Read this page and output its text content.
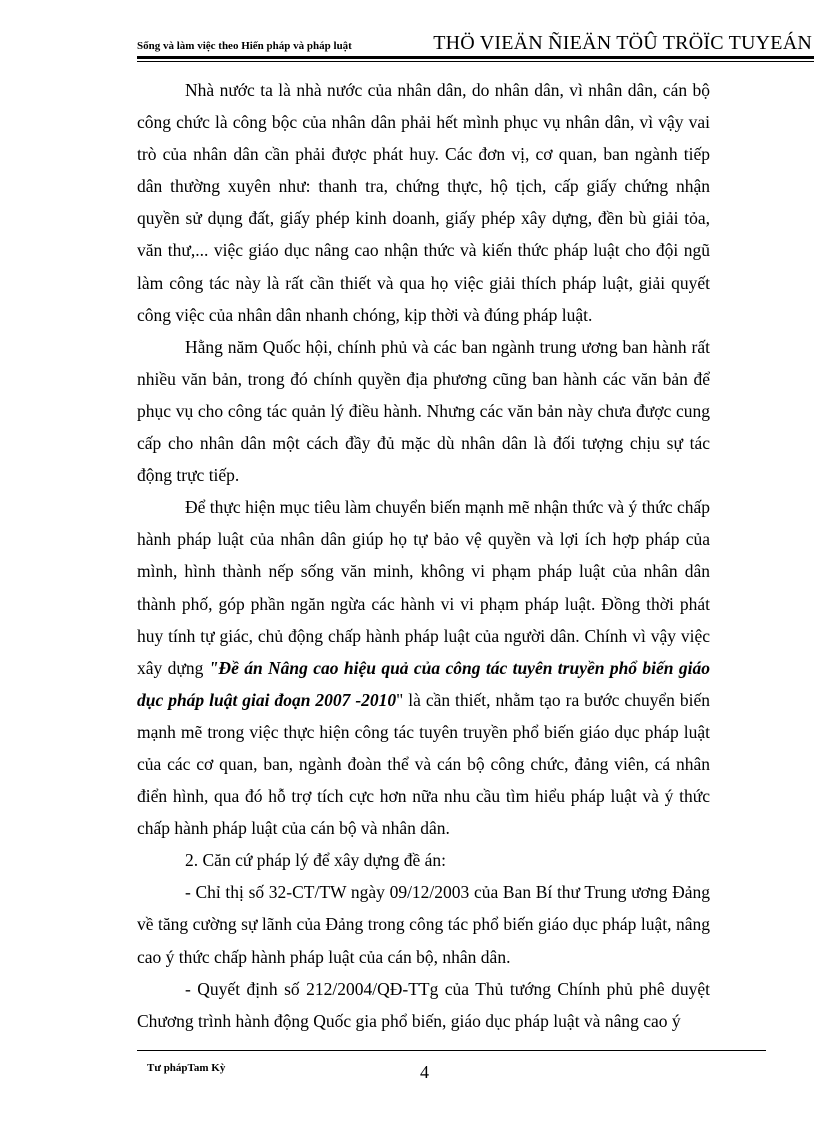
Sống và làm việc theo Hiến pháp và pháp luật	THÖ VIEÄN ÑIEÄN TÖÛ TRÖÏC TUYEÁN

Nhà nước ta là nhà nước của nhân dân, do nhân dân, vì nhân dân, cán bộ công chức là công bộc của nhân dân phải hết mình phục vụ nhân dân, vì vậy vai trò của nhân dân cần phải được phát huy. Các đơn vị, cơ quan, ban ngành tiếp dân thường xuyên như: thanh tra, chứng thực, hộ tịch, cấp giấy chứng nhận quyền sử dụng đất, giấy phép kinh doanh, giấy phép xây dựng, đền bù giải tỏa, văn thư,... việc giáo dục nâng cao nhận thức và kiến thức pháp luật cho đội ngũ làm công tác này là rất cần thiết và qua họ việc giải thích pháp luật, giải quyết công việc của nhân dân nhanh chóng, kịp thời và đúng pháp luật.

Hằng năm Quốc hội, chính phủ và các ban ngành trung ương ban hành rất nhiều văn bản, trong đó chính quyền địa phương cũng ban hành các văn bản để phục vụ cho công tác quản lý điều hành. Nhưng các văn bản này chưa được cung cấp cho nhân dân một cách đầy đủ mặc dù nhân dân là đối tượng chịu sự tác động trực tiếp.

Để thực hiện mục tiêu làm chuyển biến mạnh mẽ nhận thức và ý thức chấp hành pháp luật của nhân dân giúp họ tự bảo vệ quyền và lợi ích hợp pháp của mình, hình thành nếp sống văn minh, không vi phạm pháp luật của nhân dân thành phố, góp phần ngăn ngừa các hành vi vi phạm pháp luật. Đồng thời phát huy tính tự giác, chủ động chấp hành pháp luật của người dân. Chính vì vậy việc xây dựng "Đề án Nâng cao hiệu quả của công tác tuyên truyền phổ biến giáo dục pháp luật giai đoạn 2007 -2010" là cần thiết, nhằm tạo ra bước chuyển biến mạnh mẽ trong việc thực hiện công tác tuyên truyền phổ biến giáo dục pháp luật của các cơ quan, ban, ngành đoàn thể và cán bộ công chức, đảng viên, cá nhân điển hình, qua đó hỗ trợ tích cực hơn nữa nhu cầu tìm hiểu pháp luật và ý thức chấp hành pháp luật của cán bộ và nhân dân.

2. Căn cứ pháp lý để xây dựng đề án:

- Chỉ thị số 32-CT/TW ngày 09/12/2003 của Ban Bí thư Trung ương Đảng về tăng cường sự lãnh của Đảng trong công tác phổ biến giáo dục pháp luật, nâng cao ý thức chấp hành pháp luật của cán bộ, nhân dân.

- Quyết định số 212/2004/QĐ-TTg của Thủ tướng Chính phủ phê duyệt Chương trình hành động Quốc gia phổ biến, giáo dục pháp luật và nâng cao ý

Tư phápTam Kỳ	4
